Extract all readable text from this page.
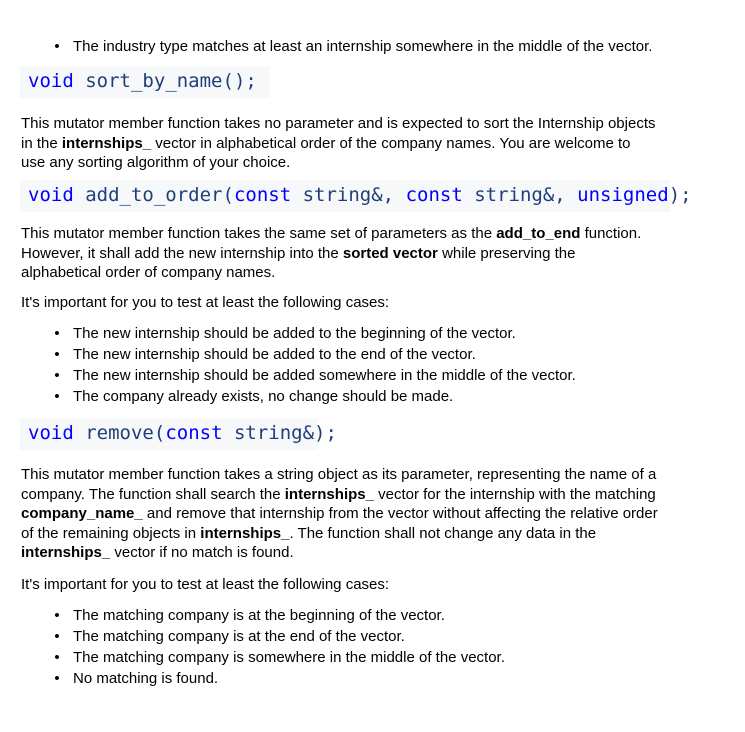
• The industry type matches at least an internship somewhere in the middle of the vector.
void sort_by_name();

This mutator member function takes no parameter and is expected to sort the Internship objects
in the internships_ vector in alphabetical order of the company names. You are welcome to
use any sorting algorithm of your choice.

void add_to_order(const string&, const string&, unsigned);

This mutator member function takes the same set of parameters as the add_to_end function.
However, it shall add the new internship into the sorted vector while preserving the
alphabetical order of company names.

It's important for you to test at least the following cases:

• The new internship should be added to the beginning of the vector.
• The new internship should be added to the end of the vector.
• The new internship should be added somewhere in the middle of the vector.
• The company already exists, no change should be made.
void remove(const string&);

This mutator member function takes a string object as its parameter, representing the name of a
company. The function shall search the internships_ vector for the internship with the matching
company_name_ and remove that internship from the vector without affecting the relative order
of the remaining objects in internships_. The function shall not change any data in the
internships_ vector if no match is found.

It's important for you to test at least the following cases:

• The matching company is at the beginning of the vector.
• The matching company is at the end of the vector.
• The matching company is somewhere in the middle of the vector.
• No matching is found.
